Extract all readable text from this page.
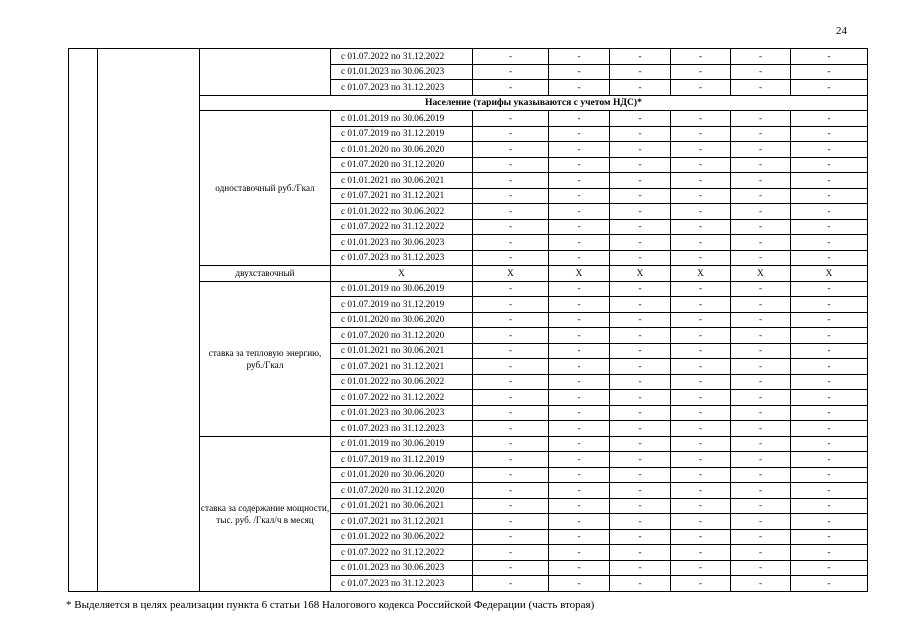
24
			с 01.07.2022 по 31.12.2022	-	-	-	-	-	-
			с 01.01.2023 по 30.06.2023	-	-	-	-	-	-
			с 01.07.2023 по 31.12.2023	-	-	-	-	-	-
		Население (тарифы указываются с учетом НДС)*							
		одноставочный руб./Гкал	с 01.01.2019 по 30.06.2019	-	-	-	-	-	-
			с 01.07.2019 по 31.12.2019	-	-	-	-	-	-
			с 01.01.2020 по 30.06.2020	-	-	-	-	-	-
			с 01.07.2020 по 31.12.2020	-	-	-	-	-	-
			с 01.01.2021 по 30.06.2021	-	-	-	-	-	-
			с 01.07.2021 по 31.12.2021	-	-	-	-	-	-
			с 01.01.2022 по 30.06.2022	-	-	-	-	-	-
			с 01.07.2022 по 31.12.2022	-	-	-	-	-	-
			с 01.01.2023 по 30.06.2023	-	-	-	-	-	-
			с 01.07.2023 по 31.12.2023	-	-	-	-	-	-
		двухставочный	X	X	X	X	X	X	X
		ставка за тепловую энергию, руб./Гкал	с 01.01.2019 по 30.06.2019	-	-	-	-	-	-
			с 01.07.2019 по 31.12.2019	-	-	-	-	-	-
			с 01.01.2020 по 30.06.2020	-	-	-	-	-	-
			с 01.07.2020 по 31.12.2020	-	-	-	-	-	-
			с 01.01.2021 по 30.06.2021	-	-	-	-	-	-
			с 01.07.2021 по 31.12.2021	-	-	-	-	-	-
			с 01.01.2022 по 30.06.2022	-	-	-	-	-	-
			с 01.07.2022 по 31.12.2022	-	-	-	-	-	-
			с 01.01.2023 по 30.06.2023	-	-	-	-	-	-
			с 01.07.2023 по 31.12.2023	-	-	-	-	-	-
		ставка за содержание мощности, тыс. руб. /Гкал/ч в месяц	с 01.01.2019 по 30.06.2019	-	-	-	-	-	-
			с 01.07.2019 по 31.12.2019	-	-	-	-	-	-
			с 01.01.2020 по 30.06.2020	-	-	-	-	-	-
			с 01.07.2020 по 31.12.2020	-	-	-	-	-	-
			с 01.01.2021 по 30.06.2021	-	-	-	-	-	-
			с 01.07.2021 по 31.12.2021	-	-	-	-	-	-
			с 01.01.2022 по 30.06.2022	-	-	-	-	-	-
			с 01.07.2022 по 31.12.2022	-	-	-	-	-	-
			с 01.01.2023 по 30.06.2023	-	-	-	-	-	-
			с 01.07.2023 по 31.12.2023	-	-	-	-	-	-
* Выделяется в целях реализации пункта 6 статьи 168 Налогового кодекса Российской Федерации (часть вторая)
